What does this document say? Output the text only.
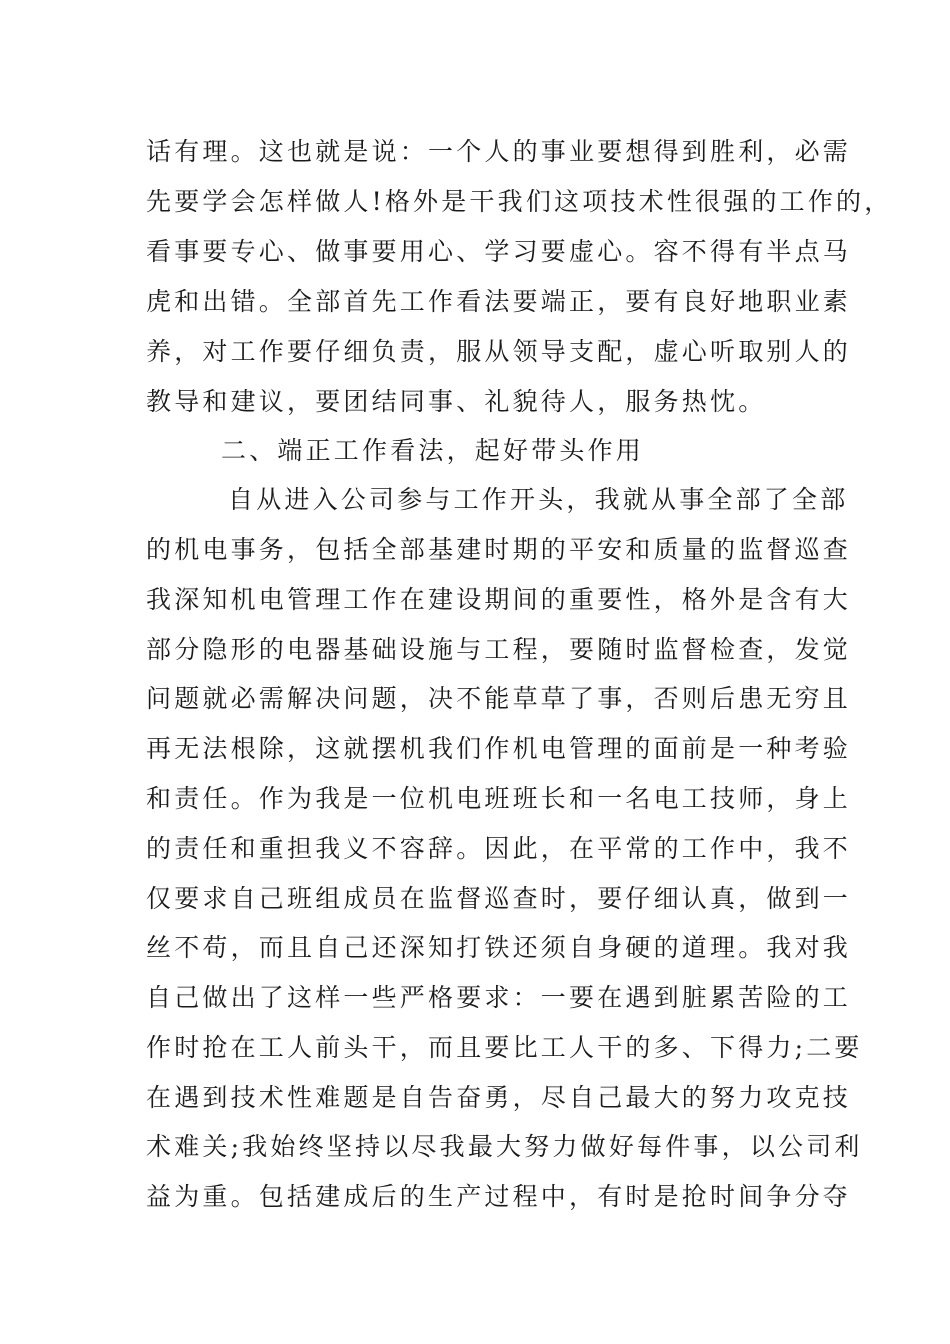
话有理。这也就是说：一个人的事业要想得到胜利，必需
先要学会怎样做人!格外是干我们这项技术性很强的工作的，
看事要专心、做事要用心、学习要虚心。容不得有半点马
虎和出错。全部首先工作看法要端正，要有良好地职业素
养，对工作要仔细负责，服从领导支配，虚心听取别人的
教导和建议，要团结同事、礼貌待人，服务热忱。
二、端正工作看法，起好带头作用
自从进入公司参与工作开头，我就从事全部了全部
的机电事务，包括全部基建时期的平安和质量的监督巡查
我深知机电管理工作在建设期间的重要性，格外是含有大
部分隐形的电器基础设施与工程，要随时监督检查，发觉
问题就必需解决问题，决不能草草了事，否则后患无穷且
再无法根除，这就摆机我们作机电管理的面前是一种考验
和责任。作为我是一位机电班班长和一名电工技师，身上
的责任和重担我义不容辞。因此，在平常的工作中，我不
仅要求自己班组成员在监督巡查时，要仔细认真，做到一
丝不苟，而且自己还深知打铁还须自身硬的道理。我对我
自己做出了这样一些严格要求：一要在遇到脏累苦险的工
作时抢在工人前头干，而且要比工人干的多、下得力;二要
在遇到技术性难题是自告奋勇，尽自己最大的努力攻克技
术难关;我始终坚持以尽我最大努力做好每件事，以公司利
益为重。包括建成后的生产过程中，有时是抢时间争分夺
